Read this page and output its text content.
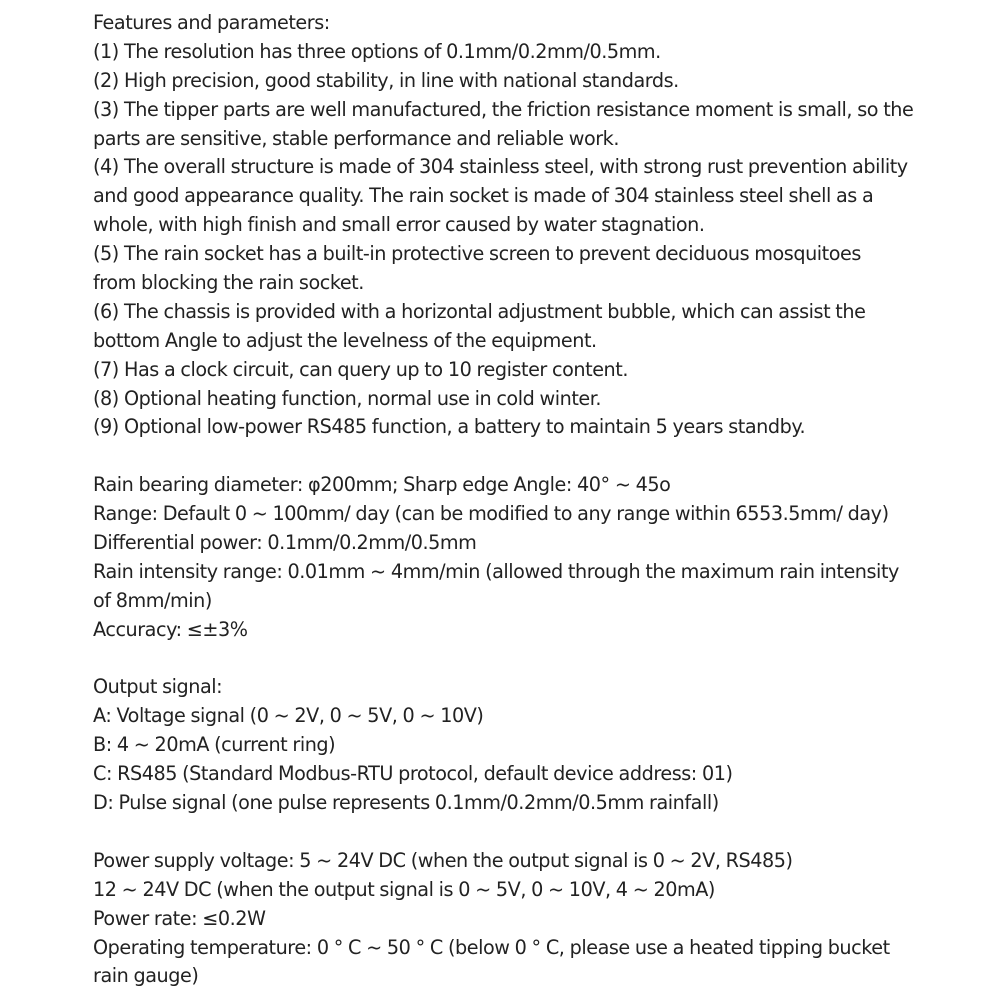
Features and parameters:
(1) The resolution has three options of 0.1mm/0.2mm/0.5mm.
(2) High precision, good stability, in line with national standards.
(3) The tipper parts are well manufactured, the friction resistance moment is small, so the
parts are sensitive, stable performance and reliable work.
(4) The overall structure is made of 304 stainless steel, with strong rust prevention ability
and good appearance quality. The rain socket is made of 304 stainless steel shell as a
whole, with high finish and small error caused by water stagnation.
(5) The rain socket has a built-in protective screen to prevent deciduous mosquitoes
from blocking the rain socket.
(6) The chassis is provided with a horizontal adjustment bubble, which can assist the
bottom Angle to adjust the levelness of the equipment.
(7) Has a clock circuit, can query up to 10 register content.
(8) Optional heating function, normal use in cold winter.
(9) Optional low-power RS485 function, a battery to maintain 5 years standby.
Rain bearing diameter: φ200mm; Sharp edge Angle: 40° ~ 45o
Range: Default 0 ~ 100mm/ day (can be modified to any range within 6553.5mm/ day)
Differential power: 0.1mm/0.2mm/0.5mm
Rain intensity range: 0.01mm ~ 4mm/min (allowed through the maximum rain intensity
of 8mm/min)
Accuracy: ≤±3%
Output signal:
A: Voltage signal (0 ~ 2V, 0 ~ 5V, 0 ~ 10V)
B: 4 ~ 20mA (current ring)
C: RS485 (Standard Modbus-RTU protocol, default device address: 01)
D: Pulse signal (one pulse represents 0.1mm/0.2mm/0.5mm rainfall)
Power supply voltage: 5 ~ 24V DC (when the output signal is 0 ~ 2V, RS485)
12 ~ 24V DC (when the output signal is 0 ~ 5V, 0 ~ 10V, 4 ~ 20mA)
Power rate: ≤0.2W
Operating temperature: 0 ° C ~ 50 ° C (below 0 ° C, please use a heated tipping bucket
rain gauge)
